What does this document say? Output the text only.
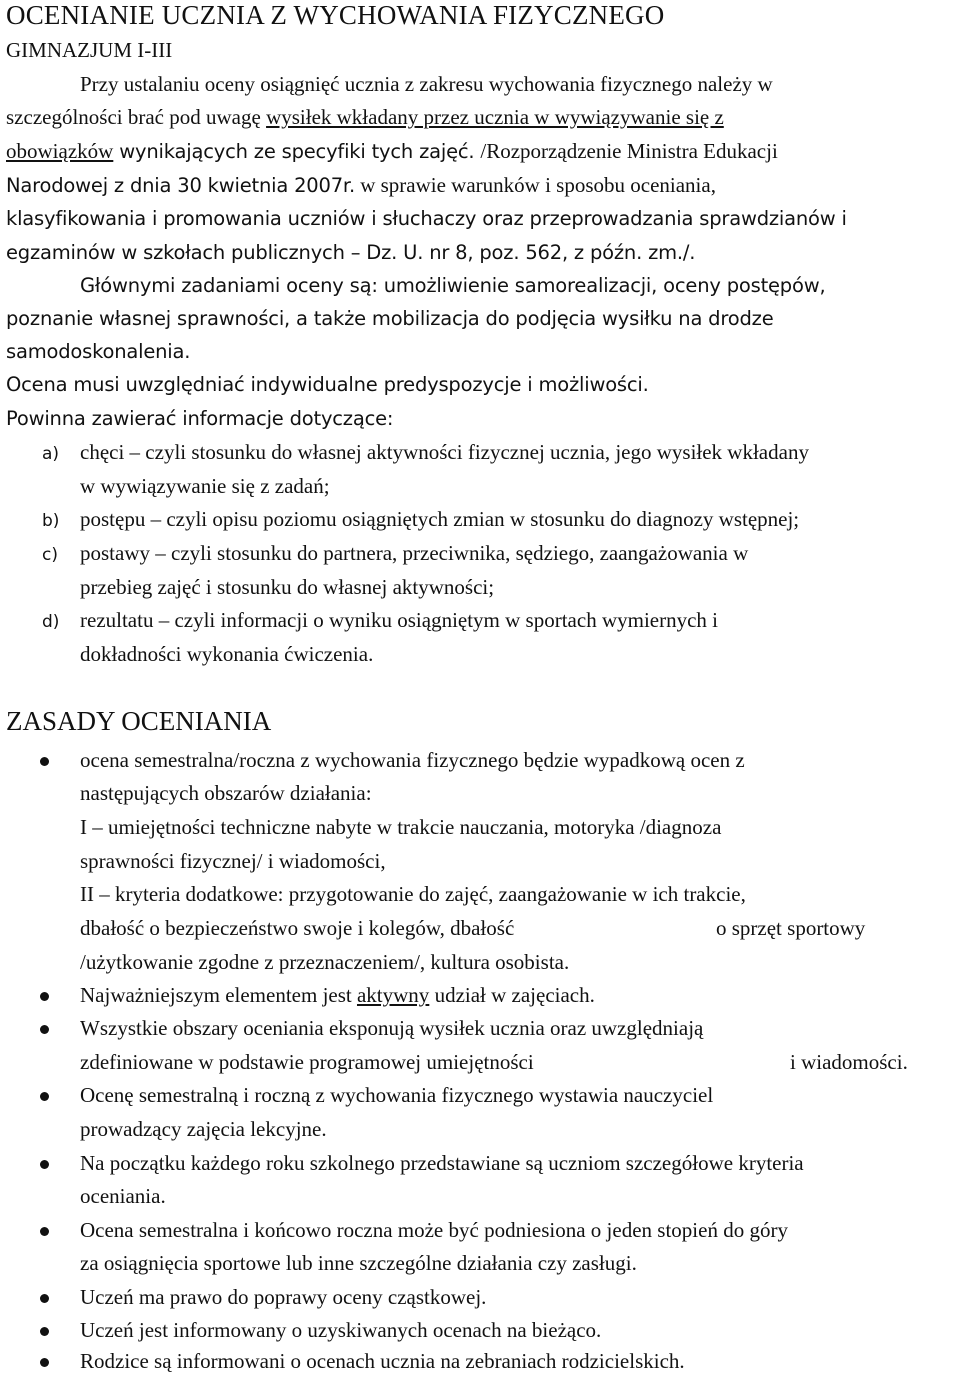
OCENIANIE UCZNIA Z WYCHOWANIA FIZYCZNEGO
GIMNAZJUM I-III
Przy ustalaniu oceny osiągnięć ucznia z zakresu wychowania fizycznego należy w
szczególności brać pod uwagę wysiłek wkładany przez ucznia w wywiązywanie się z
obowiązków wynikających ze specyfiki tych zajęć. /Rozporządzenie Ministra Edukacji
Narodowej z dnia 30 kwietnia 2007r. w sprawie warunków i sposobu oceniania,
klasyfikowania i promowania uczniów i słuchaczy oraz przeprowadzania sprawdzianów i
egzaminów w szkołach publicznych – Dz. U. nr 8, poz. 562, z późn. zm./.
Głównymi zadaniami oceny są: umożliwienie samorealizacji, oceny postępów,
poznanie własnej sprawności, a także mobilizacja do podjęcia wysiłku na drodze
samodoskonalenia.
Ocena musi uwzględniać indywidualne predyspozycje i możliwości.
Powinna zawierać informacje dotyczące:
a) chęci – czyli stosunku do własnej aktywności fizycznej ucznia, jego wysiłek wkładany
w wywiązywanie się z zadań;
b) postępu – czyli opisu poziomu osiągniętych zmian w stosunku do diagnozy wstępnej;
c) postawy – czyli stosunku do partnera, przeciwnika, sędziego, zaangażowania w
przebieg zajęć i stosunku do własnej aktywności;
d) rezultatu – czyli informacji o wyniku osiągniętym w sportach wymiernych i
dokładności wykonania ćwiczenia.
ZASADY OCENIANIA
ocena semestralna/roczna z wychowania fizycznego będzie wypadkową ocen z
następujących obszarów działania:
I – umiejętności techniczne nabyte w trakcie nauczania, motoryka /diagnoza
sprawności fizycznej/ i wiadomości,
II – kryteria dodatkowe: przygotowanie do zajęć, zaangażowanie w ich trakcie,
dbałość o bezpieczeństwo swoje i kolegów, dbałość	o sprzęt sportowy
/użytkowanie zgodne z przeznaczeniem/, kultura osobista.
Najważniejszym elementem jest aktywny udział w zajęciach.
Wszystkie obszary oceniania eksponują wysiłek ucznia oraz uwzględniają
zdefiniowane w podstawie programowej umiejętności	i wiadomości.
Ocenę semestralną i roczną z wychowania fizycznego wystawia nauczyciel
prowadzący zajęcia lekcyjne.
Na początku każdego roku szkolnego przedstawiane są uczniom szczegółowe kryteria
oceniania.
Ocena semestralna i końcowo roczna może być podniesiona o jeden stopień do góry
za osiągnięcia sportowe lub inne szczególne działania czy zasługi.
Uczeń ma prawo do poprawy oceny cząstkowej.
Uczeń jest informowany o uzyskiwanych ocenach na bieżąco.
Rodzice są informowani o ocenach ucznia na zebraniach rodzicielskich.
